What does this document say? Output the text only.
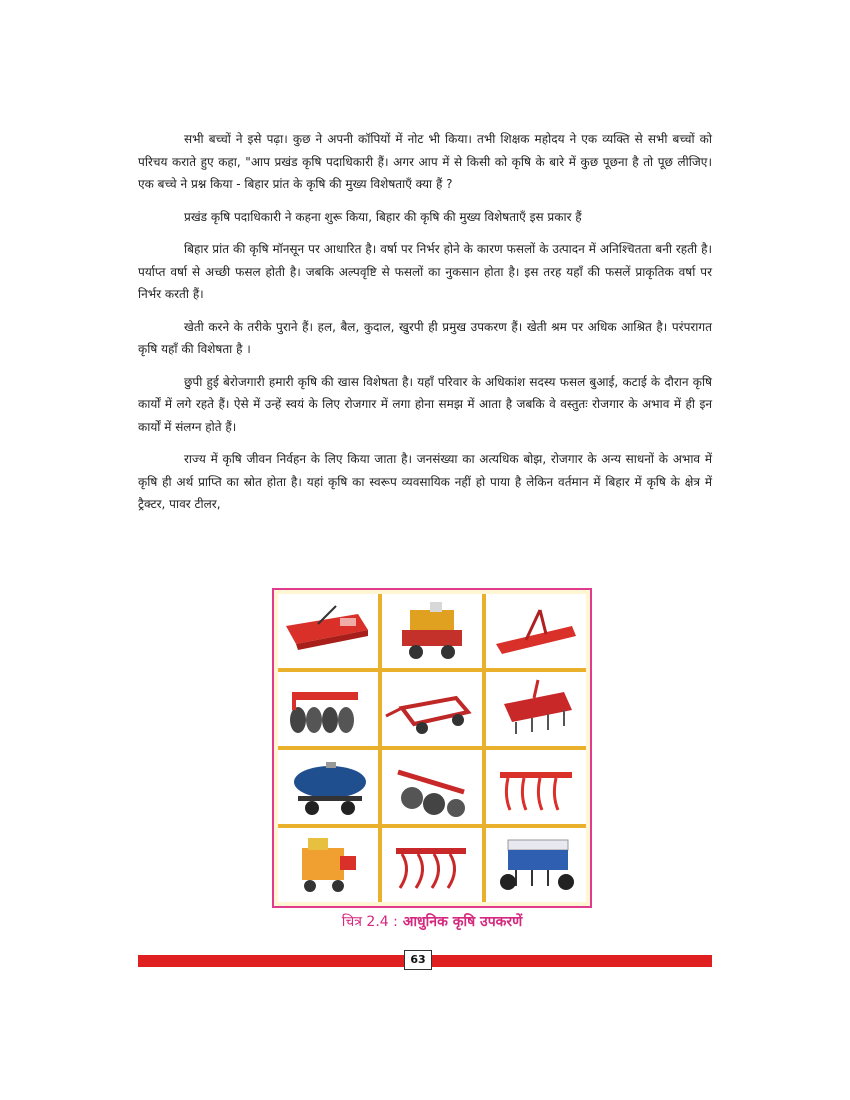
सभी बच्चों ने इसे पढ़ा। कुछ ने अपनी कॉपियों में नोट भी किया। तभी शिक्षक महोदय ने एक व्यक्ति से सभी बच्चों को परिचय कराते हुए कहा, "आप प्रखंड कृषि पदाधिकारी हैं। अगर आप में से किसी को कृषि के बारे में कुछ पूछना है तो पूछ लीजिए। एक बच्चे ने प्रश्न किया - बिहार प्रांत के कृषि की मुख्य विशेषताएँ क्या हैं ?

प्रखंड कृषि पदाधिकारी ने कहना शुरू किया, बिहार की कृषि की मुख्य विशेषताएँ इस प्रकार हैं

बिहार प्रांत की कृषि मॉनसून पर आधारित है। वर्षा पर निर्भर होने के कारण फसलों के उत्पादन में अनिश्चितता बनी रहती है। पर्याप्त वर्षा से अच्छी फसल होती है। जबकि अल्पवृष्टि से फसलों का नुकसान होता है। इस तरह यहाँ की फसलें प्राकृतिक वर्षा पर निर्भर करती हैं।

खेती करने के तरीके पुराने हैं। हल, बैल, कुदाल, खुरपी ही प्रमुख उपकरण हैं। खेती श्रम पर अधिक आश्रित है। परंपरागत कृषि यहाँ की विशेषता है ।

छुपी हुई बेरोजगारी हमारी कृषि की खास विशेषता है। यहाँ परिवार के अधिकांश सदस्य फसल बुआई, कटाई के दौरान कृषि कार्यों में लगे रहते हैं। ऐसे में उन्हें स्वयं के लिए रोजगार में लगा होना समझ में आता है जबकि वे वस्तुतः रोजगार के अभाव में ही इन कार्यों में संलग्न होते हैं।

राज्य में कृषि जीवन निर्वहन के लिए किया जाता है। जनसंख्या का अत्यधिक बोझ, रोजगार के अन्य साधनों के अभाव में कृषि ही अर्थ प्राप्ति का स्रोत होता है। यहां कृषि का स्वरूप व्यवसायिक नहीं हो पाया है लेकिन वर्तमान में बिहार में कृषि के क्षेत्र में ट्रैक्टर, पावर टीलर,

चित्र 2.4 : आधुनिक कृषि उपकरणें
63
